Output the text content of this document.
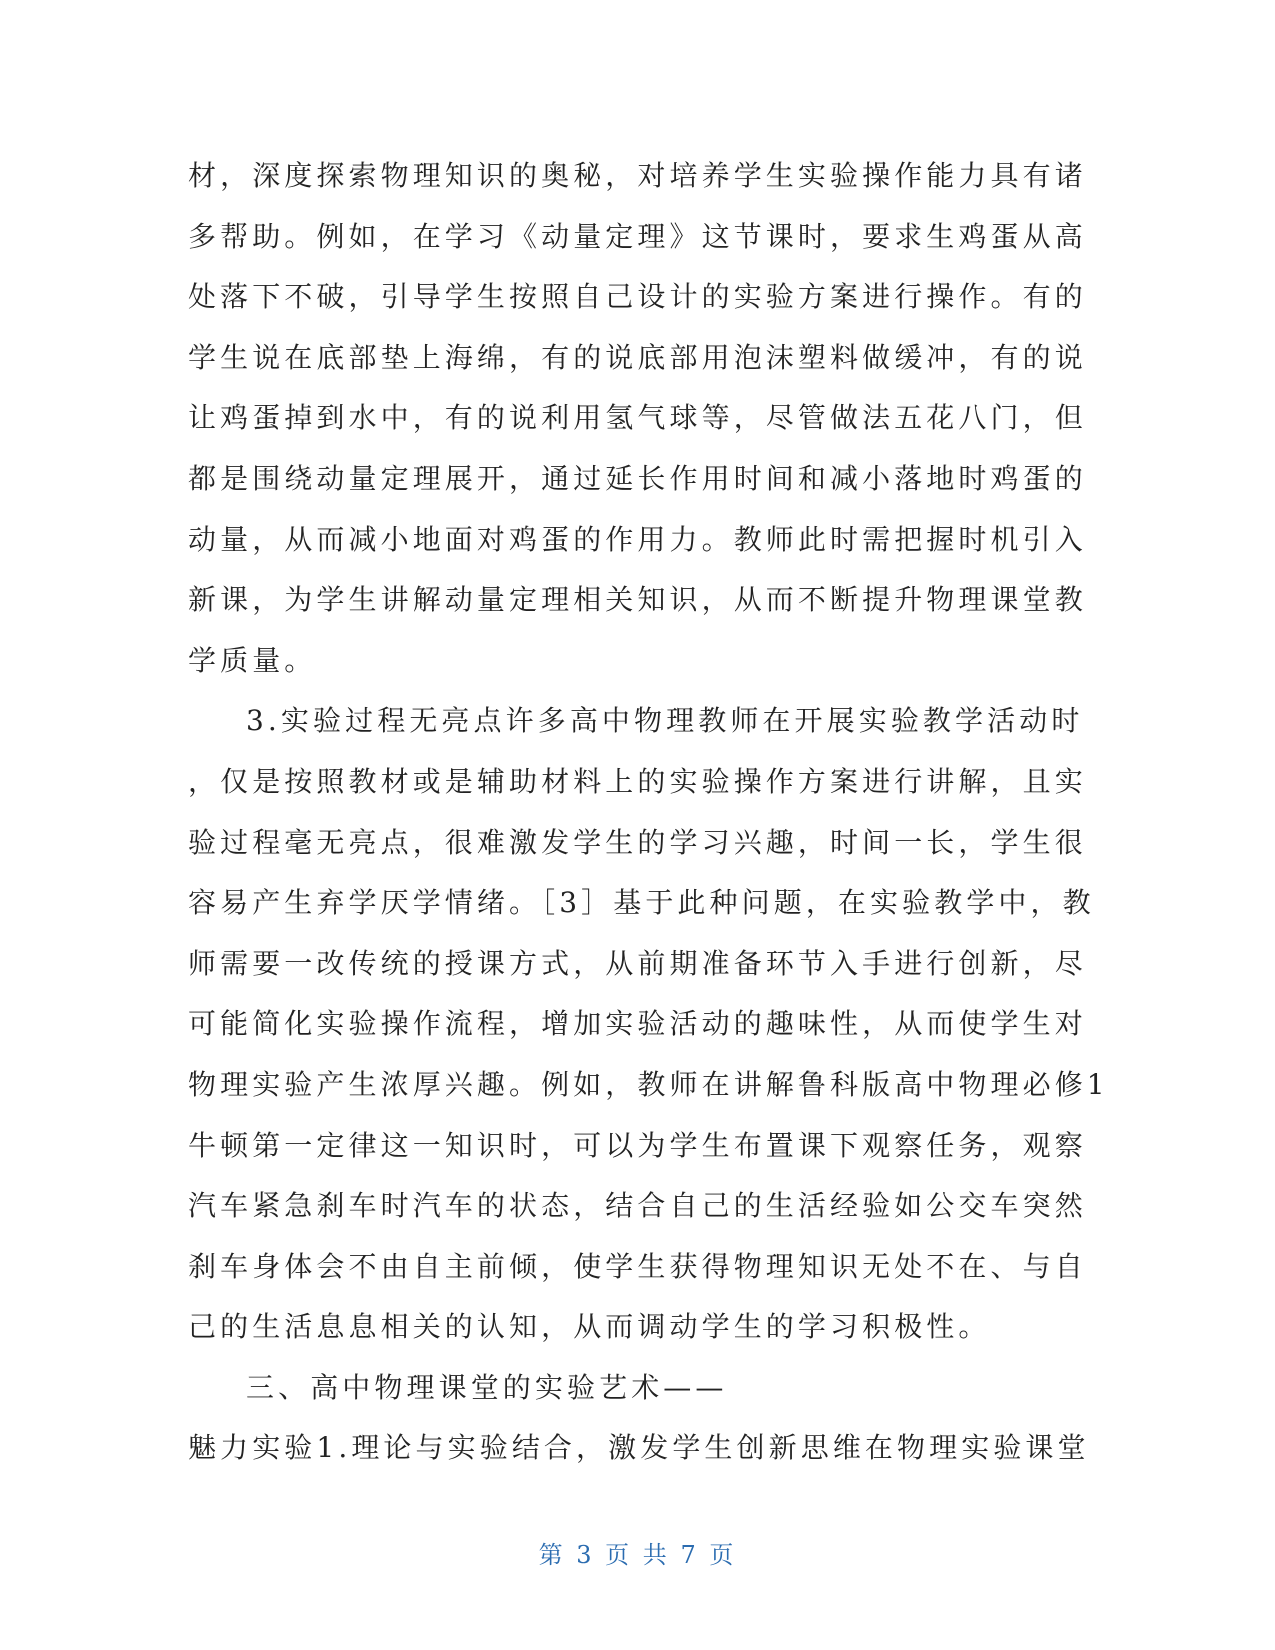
材，深度探索物理知识的奥秘，对培养学生实验操作能力具有诸
多帮助。例如，在学习《动量定理》这节课时，要求生鸡蛋从高
处落下不破，引导学生按照自己设计的实验方案进行操作。有的
学生说在底部垫上海绵，有的说底部用泡沫塑料做缓冲，有的说
让鸡蛋掉到水中，有的说利用氢气球等，尽管做法五花八门，但
都是围绕动量定理展开，通过延长作用时间和减小落地时鸡蛋的
动量，从而减小地面对鸡蛋的作用力。教师此时需把握时机引入
新课，为学生讲解动量定理相关知识，从而不断提升物理课堂教
学质量。
3.实验过程无亮点许多高中物理教师在开展实验教学活动时
，仅是按照教材或是辅助材料上的实验操作方案进行讲解，且实
验过程毫无亮点，很难激发学生的学习兴趣，时间一长，学生很
容易产生弃学厌学情绪。［3］基于此种问题，在实验教学中，教
师需要一改传统的授课方式，从前期准备环节入手进行创新，尽
可能简化实验操作流程，增加实验活动的趣味性，从而使学生对
物理实验产生浓厚兴趣。例如，教师在讲解鲁科版高中物理必修1
牛顿第一定律这一知识时，可以为学生布置课下观察任务，观察
汽车紧急刹车时汽车的状态，结合自己的生活经验如公交车突然
刹车身体会不由自主前倾，使学生获得物理知识无处不在、与自
己的生活息息相关的认知，从而调动学生的学习积极性。
三、高中物理课堂的实验艺术——
魅力实验1.理论与实验结合，激发学生创新思维在物理实验课堂
第 3 页 共 7 页
